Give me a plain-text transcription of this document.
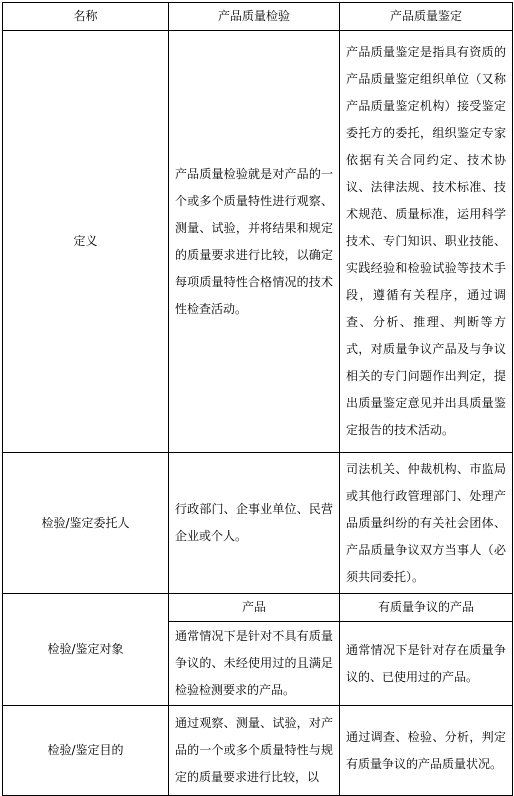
名称	产品质量检验	产品质量鉴定
定义	产品质量检验就是对产品的一个或多个质量特性进行观察、测量、试验，并将结果和规定的质量要求进行比较，以确定每项质量特性合格情况的技术性检查活动。	产品质量鉴定是指具有资质的产品质量鉴定组织单位（又称产品质量鉴定机构）接受鉴定委托方的委托，组织鉴定专家依据有关合同约定、技术协议、法律法规、技术标准、技术规范、质量标准，运用科学技术、专门知识、职业技能、实践经验和检验试验等技术手段，遵循有关程序，通过调查、分析、推理、判断等方式，对质量争议产品及与争议相关的专门问题作出判定，提出质量鉴定意见并出具质量鉴定报告的技术活动。
检验/鉴定委托人	行政部门、企事业单位、民营企业或个人。	司法机关、仲裁机构、市监局或其他行政管理部门、处理产品质量纠纷的有关社会团体、产品质量争议双方当事人（必须共同委托）。
检验/鉴定对象	产品	有质量争议的产品
	通常情况下是针对不具有质量争议的、未经使用过的且满足检验检测要求的产品。	通常情况下是针对存在质量争议的、已使用过的产品。
检验/鉴定目的	通过观察、测量、试验，对产品的一个或多个质量特性与规定的质量要求进行比较，以	通过调查、检验、分析，判定有质量争议的产品质量状况。
